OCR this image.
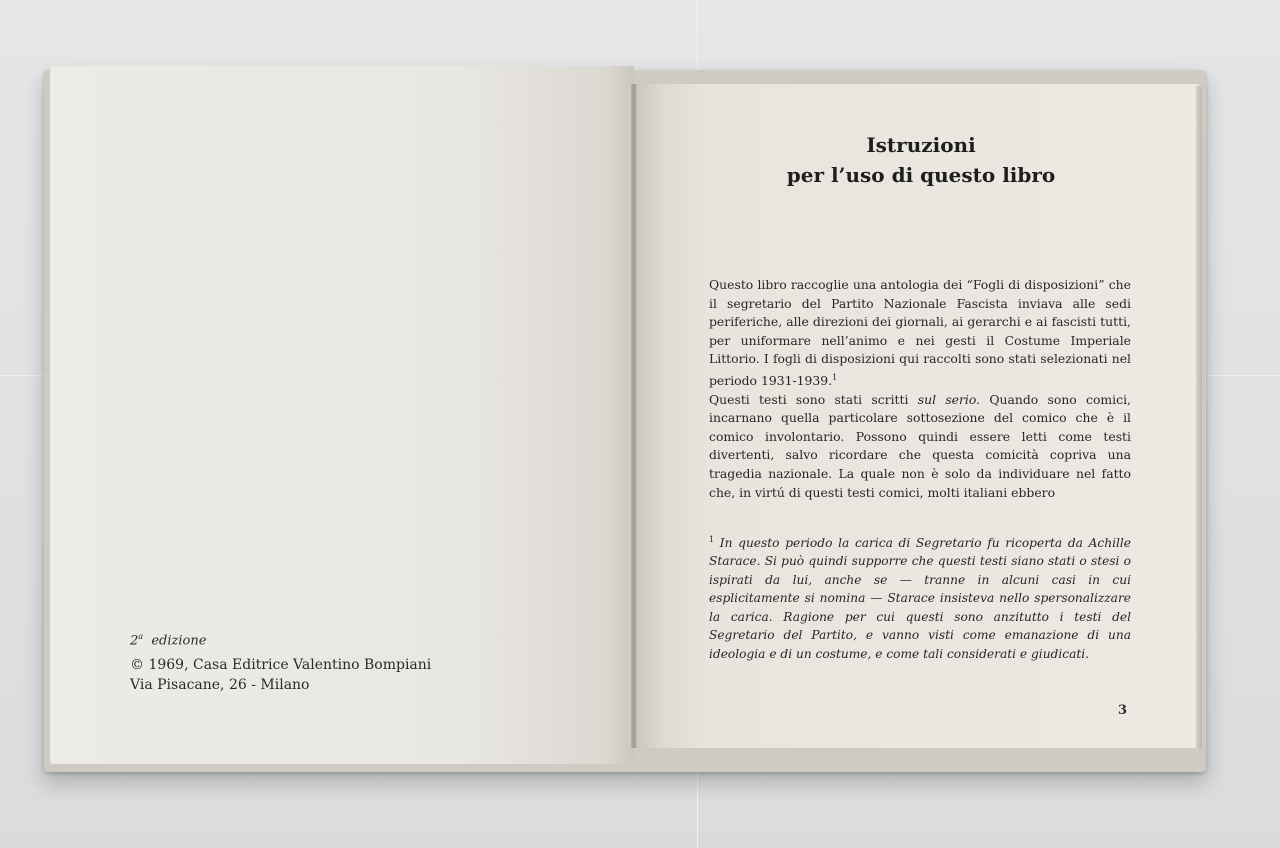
2$^a$ edizione
© 1969, Casa Editrice Valentino Bompiani
Via Pisacane, 26 - Milano
Istruzioni
per l’uso di questo libro

Questo libro raccoglie una antologia dei “Fogli di disposizioni” che il segretario del Partito Nazionale Fascista inviava alle sedi periferiche, alle direzioni dei giornali, ai gerarchi e ai fascisti tutti, per uniformare nell’animo e nei gesti il Costume Imperiale Littorio. I fogli di disposizioni qui raccolti sono stati selezionati nel periodo 1931-1939.$^1$

Questi testi sono stati scritti sul serio. Quando sono comici, incarnano quella particolare sottosezione del comico che è il comico involontario. Possono quindi essere letti come testi divertenti, salvo ricordare che questa comicità copriva una tragedia nazionale. La quale non è solo da individuare nel fatto che, in virtú di questi testi comici, molti italiani ebbero

$^1$ In questo periodo la carica di Segretario fu ricoperta da Achille Starace. Si può quindi supporre che questi testi siano stati o stesi o ispirati da lui, anche se — tranne in alcuni casi in cui esplicitamente si nomina — Starace insisteva nello spersonalizzare la carica. Ragione per cui questi sono anzitutto i testi del Segretario del Partito, e vanno visti come emanazione di una ideologia e di un costume, e come tali considerati e giudicati.
3
